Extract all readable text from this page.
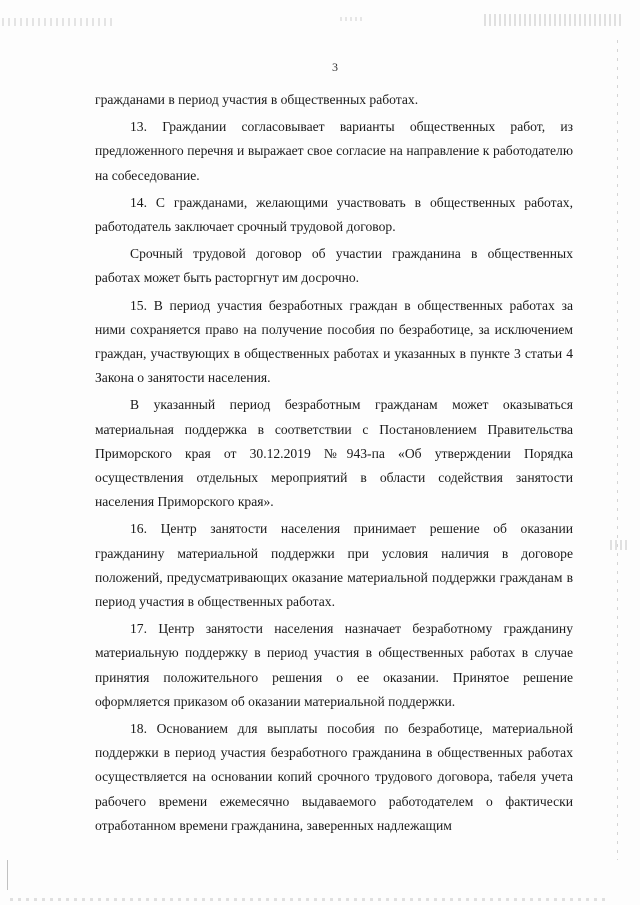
3

гражданами в период участия в общественных работах.

13. Граждании согласовывает варианты общественных работ, из предложенного перечня и выражает свое согласие на направление к работодателю на собеседование.

14. С гражданами, желающими участвовать в общественных работах, работодатель заключает срочный трудовой договор.

Срочный трудовой договор об участии гражданина в общественных работах может быть расторгнут им досрочно.

15. В период участия безработных граждан в общественных работах за ними сохраняется право на получение пособия по безработице, за исключением граждан, участвующих в общественных работах и указанных в пункте 3 статьи 4 Закона о занятости населения.

В указанный период безработным гражданам может оказываться материальная поддержка в соответствии с Постановлением Правительства Приморского края от 30.12.2019 №943-па «Об утверждении Порядка осуществления отдельных мероприятий в области содействия занятости населения Приморского края».

16. Центр занятости населения принимает решение об оказании гражданину материальной поддержки при условия наличия в договоре положений, предусматривающих оказание материальной поддержки гражданам в период участия в общественных работах.

17. Центр занятости населения назначает безработному гражданину материальную поддержку в период участия в общественных работах в случае принятия положительного решения о ее оказании. Принятое решение оформляется приказом об оказании материальной поддержки.

18. Основанием для выплаты пособия по безработице, материальной поддержки в период участия безработного гражданина в общественных работах осуществляется на основании копий срочного трудового договора, табеля учета рабочего времени ежемесячно выдаваемого работодателем о фактически отработанном времени гражданина, заверенных надлежащим
